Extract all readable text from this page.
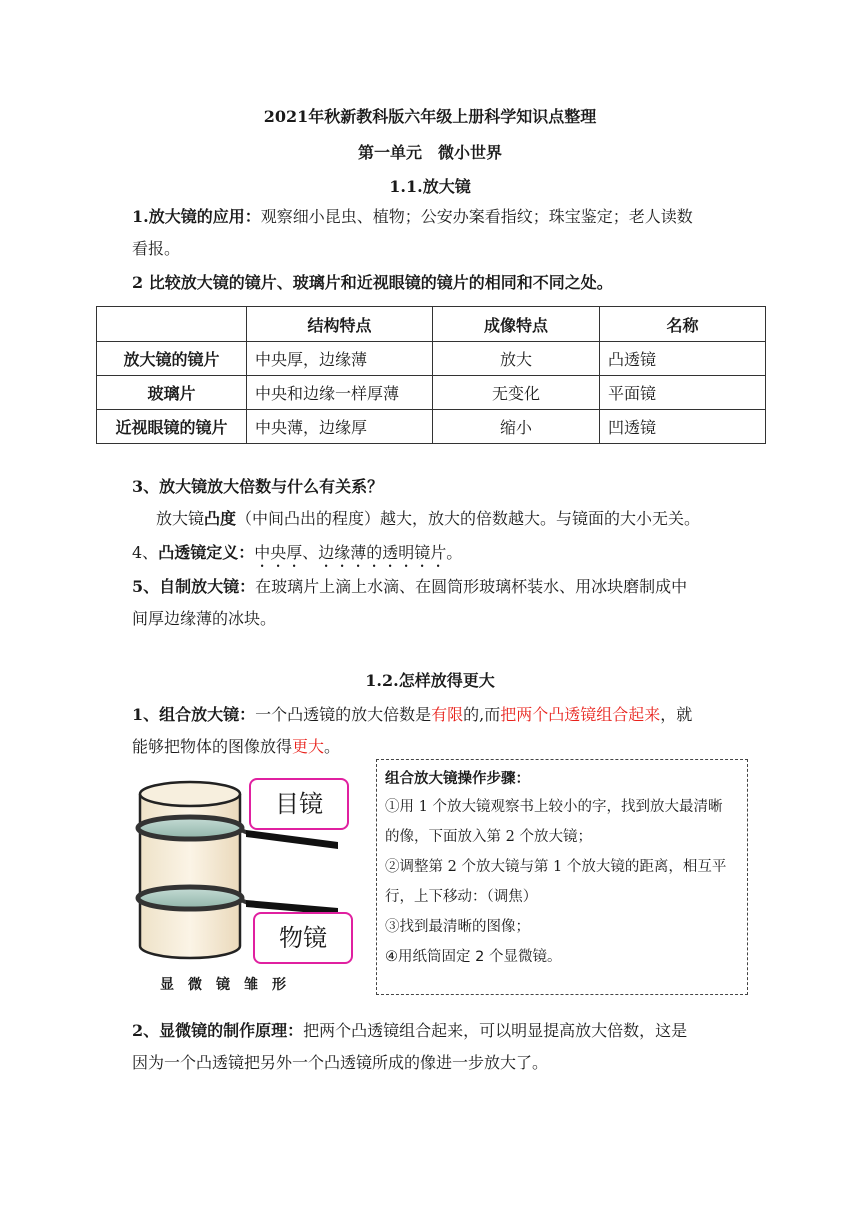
2021年秋新教科版六年级上册科学知识点整理
第一单元　微小世界
1.1.放大镜
1.放大镜的应用：观察细小昆虫、植物；公安办案看指纹；珠宝鉴定；老人读数
看报。
2 比较放大镜的镜片、玻璃片和近视眼镜的镜片的相同和不同之处。
	结构特点	成像特点	名称
放大镜的镜片	中央厚，边缘薄	放大	凸透镜
玻璃片	中央和边缘一样厚薄	无变化	平面镜
近视眼镜的镜片	中央薄，边缘厚	缩小	凹透镜
3、放大镜放大倍数与什么有关系？
放大镜凸度（中间凸出的程度）越大，放大的倍数越大。与镜面的大小无关。
4、凸透镜定义：中央厚、边缘薄的透明镜片。
5、自制放大镜：在玻璃片上滴上水滴、在圆筒形玻璃杯装水、用冰块磨制成中
间厚边缘薄的冰块。
1.2.怎样放得更大
1、组合放大镜：一个凸透镜的放大倍数是有限的,而把两个凸透镜组合起来，就
能够把物体的图像放得更大。
目镜
物镜
显　微　镜　雏　形
组合放大镜操作步骤：
①用 1 个放大镜观察书上较小的字，找到放大最清晰
的像，下面放入第 2 个放大镜；
②调整第 2 个放大镜与第 1 个放大镜的距离，相互平
行，上下移动：（调焦）
③找到最清晰的图像；
④用纸筒固定 2 个显微镜。
2、显微镜的制作原理：把两个凸透镜组合起来，可以明显提高放大倍数，这是
因为一个凸透镜把另外一个凸透镜所成的像进一步放大了。
